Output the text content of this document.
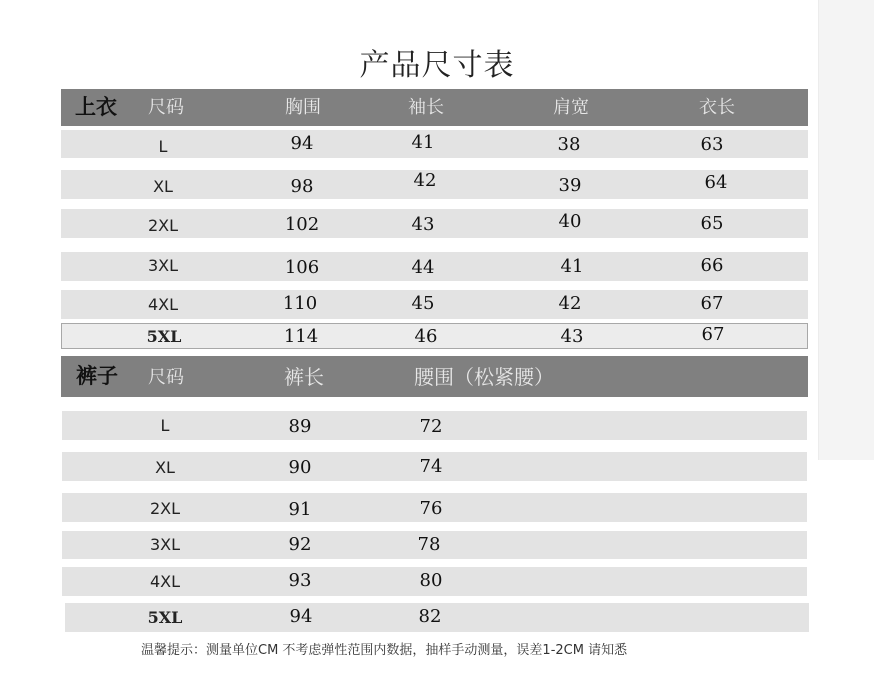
产品尺寸表
上衣 尺码	胸围	袖长	肩宽	衣长
L	94	41	38	63
XL	98	42	39	64
2XL	102	43	40	65
3XL	106	44	41	66
4XL	110	45	42	67
5XL	114	46	43	67
裤子 尺码	裤长	腰围（松紧腰）
L	89	72
XL	90	74
2XL	91	76
3XL	92	78
4XL	93	80
5XL	94	82
温馨提示：测量单位CM 不考虑弹性范围内数据，抽样手动测量，误差1-2CM 请知悉
